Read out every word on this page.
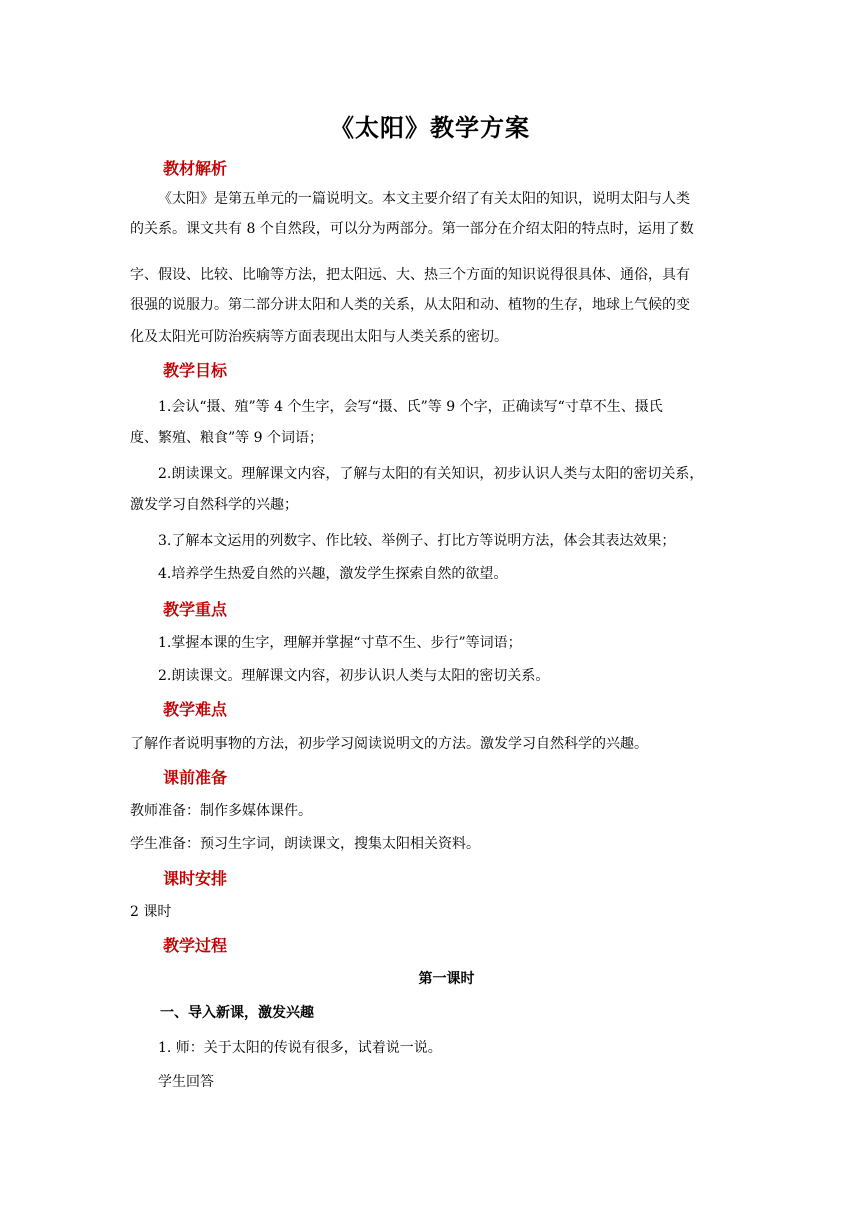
《太阳》教学方案
教材解析
《太阳》是第五单元的一篇说明文。本文主要介绍了有关太阳的知识，说明太阳与人类
的关系。课文共有 8 个自然段，可以分为两部分。第一部分在介绍太阳的特点时，运用了数
字、假设、比较、比喻等方法，把太阳远、大、热三个方面的知识说得很具体、通俗，具有
很强的说服力。第二部分讲太阳和人类的关系，从太阳和动、植物的生存，地球上气候的变
化及太阳光可防治疾病等方面表现出太阳与人类关系的密切。
教学目标
1.会认“摄、殖”等 4 个生字，会写“摄、氏”等 9 个字，正确读写“寸草不生、摄氏
度、繁殖、粮食”等 9 个词语；
2.朗读课文。理解课文内容，了解与太阳的有关知识，初步认识人类与太阳的密切关系，
激发学习自然科学的兴趣；
3.了解本文运用的列数字、作比较、举例子、打比方等说明方法，体会其表达效果；
4.培养学生热爱自然的兴趣，激发学生探索自然的欲望。
教学重点
1.掌握本课的生字，理解并掌握“寸草不生、步行”等词语；
2.朗读课文。理解课文内容，初步认识人类与太阳的密切关系。
教学难点
了解作者说明事物的方法，初步学习阅读说明文的方法。激发学习自然科学的兴趣。
课前准备
教师准备：制作多媒体课件。
学生准备：预习生字词，朗读课文，搜集太阳相关资料。
课时安排
2 课时
教学过程
第一课时
一、导入新课，激发兴趣
1. 师：关于太阳的传说有很多，试着说一说。
学生回答
